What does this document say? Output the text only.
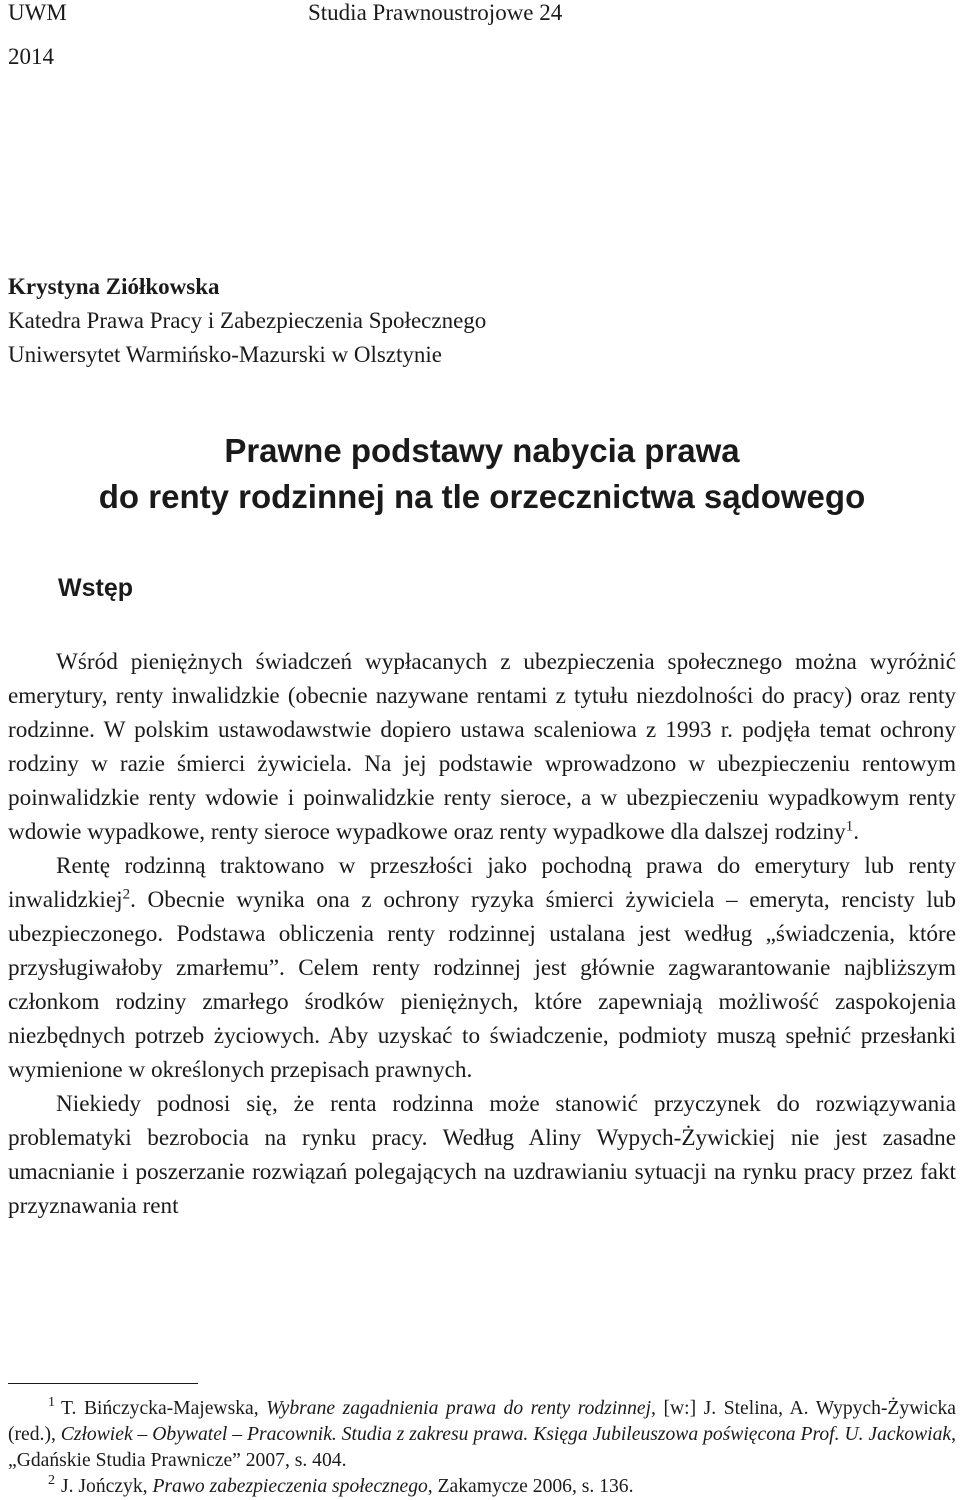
UWM	Studia Prawnoustrojowe 24
2014
Krystyna Ziółkowska
Katedra Prawa Pracy i Zabezpieczenia Społecznego
Uniwersytet Warmińsko-Mazurski w Olsztynie
Prawne podstawy nabycia prawa
do renty rodzinnej na tle orzecznictwa sądowego
Wstęp

Wśród pieniężnych świadczeń wypłacanych z ubezpieczenia społecznego można wyróżnić emerytury, renty inwalidzkie (obecnie nazywane rentami z tytułu niezdolności do pracy) oraz renty rodzinne. W polskim ustawodawstwie dopiero ustawa scaleniowa z 1993 r. podjęła temat ochrony rodziny w razie śmierci żywiciela. Na jej podstawie wprowadzono w ubezpieczeniu rentowym poinwalidzkie renty wdowie i poinwalidzkie renty sieroce, a w ubezpieczeniu wypadkowym renty wdowie wypadkowe, renty sieroce wypadkowe oraz renty wypadkowe dla dalszej rodziny$^1$.

Rentę rodzinną traktowano w przeszłości jako pochodną prawa do emerytury lub renty inwalidzkiej$^2$. Obecnie wynika ona z ochrony ryzyka śmierci żywiciela – emeryta, rencisty lub ubezpieczonego. Podstawa obliczenia renty rodzinnej ustalana jest według „świadczenia, które przysługiwałoby zmarłemu”. Celem renty rodzinnej jest głównie zagwarantowanie najbliższym członkom rodziny zmarłego środków pieniężnych, które zapewniają możliwość zaspokojenia niezbędnych potrzeb życiowych. Aby uzyskać to świadczenie, podmioty muszą spełnić przesłanki wymienione w określonych przepisach prawnych.

Niekiedy podnosi się, że renta rodzinna może stanowić przyczynek do rozwiązywania problematyki bezrobocia na rynku pracy. Według Aliny Wypych-Żywickiej nie jest zasadne umacnianie i poszerzanie rozwiązań polegających na uzdrawianiu sytuacji na rynku pracy przez fakt przyznawania rent

$^1$ T. Bińczycka-Majewska, Wybrane zagadnienia prawa do renty rodzinnej, [w:] J. Stelina, A. Wypych-Żywicka (red.), Człowiek – Obywatel – Pracownik. Studia z zakresu prawa. Księga Jubileuszowa poświęcona Prof. U. Jackowiak, „Gdańskie Studia Prawnicze” 2007, s. 404.

$^2$ J. Jończyk, Prawo zabezpieczenia społecznego, Zakamycze 2006, s. 136.
